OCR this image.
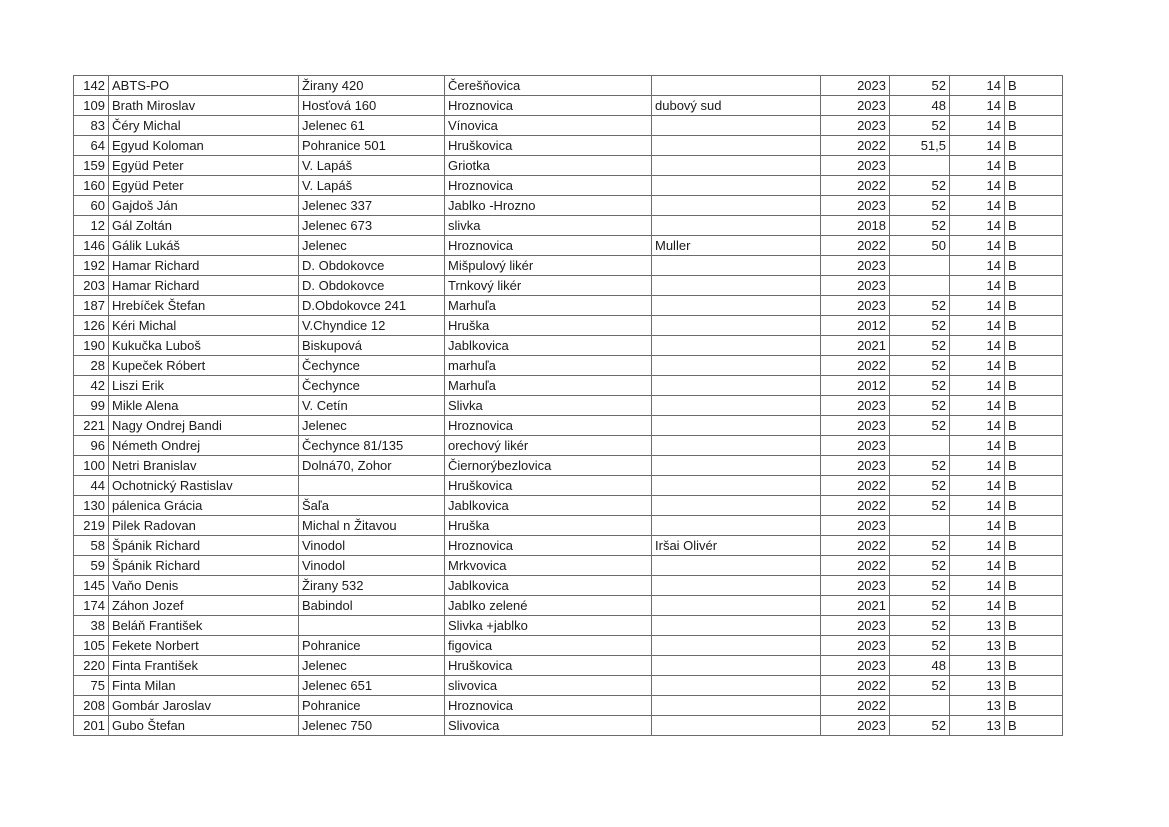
142	ABTS-PO	Žirany 420	Čerešňovica		2023	52	14	B
109	Brath Miroslav	Hosťová 160	Hroznovica	dubový sud	2023	48	14	B
83	Čéry Michal	Jelenec 61	Vínovica		2023	52	14	B
64	Egyud Koloman	Pohranice 501	Hruškovica		2022	51,5	14	B
159	Együd Peter	V. Lapáš	Griotka		2023		14	B
160	Együd Peter	V. Lapáš	Hroznovica		2022	52	14	B
60	Gajdoš Ján	Jelenec 337	Jablko -Hrozno		2023	52	14	B
12	Gál Zoltán	Jelenec 673	slivka		2018	52	14	B
146	Gálik Lukáš	Jelenec	Hroznovica	Muller	2022	50	14	B
192	Hamar Richard	D. Obdokovce	Mišpulový likér		2023		14	B
203	Hamar Richard	D. Obdokovce	Trnkový likér		2023		14	B
187	Hrebíček Štefan	D.Obdokovce 241	Marhuľa		2023	52	14	B
126	Kéri Michal	V.Chyndice 12	Hruška		2012	52	14	B
190	Kukučka Luboš	Biskupová	Jablkovica		2021	52	14	B
28	Kupeček Róbert	Čechynce	marhuľa		2022	52	14	B
42	Liszi Erik	Čechynce	Marhuľa		2012	52	14	B
99	Mikle Alena	V. Cetín	Slivka		2023	52	14	B
221	Nagy Ondrej Bandi	Jelenec	Hroznovica		2023	52	14	B
96	Németh Ondrej	Čechynce 81/135	orechový likér		2023		14	B
100	Netri Branislav	Dolná70, Zohor	Čiernorýbezlovica		2023	52	14	B
44	Ochotnický Rastislav		Hruškovica		2022	52	14	B
130	pálenica Grácia	Šaľa	Jablkovica		2022	52	14	B
219	Pilek Radovan	Michal n Žitavou	Hruška		2023		14	B
58	Špánik Richard	Vinodol	Hroznovica	Iršai Olivér	2022	52	14	B
59	Špánik Richard	Vinodol	Mrkvovica		2022	52	14	B
145	Vaňo Denis	Žirany 532	Jablkovica		2023	52	14	B
174	Záhon Jozef	Babindol	Jablko zelené		2021	52	14	B
38	Beláň František		Slivka +jablko		2023	52	13	B
105	Fekete Norbert	Pohranice	figovica		2023	52	13	B
220	Finta František	Jelenec	Hruškovica		2023	48	13	B
75	Finta Milan	Jelenec 651	slivovica		2022	52	13	B
208	Gombár Jaroslav	Pohranice	Hroznovica		2022		13	B
201	Gubo Štefan	Jelenec 750	Slivovica		2023	52	13	B
